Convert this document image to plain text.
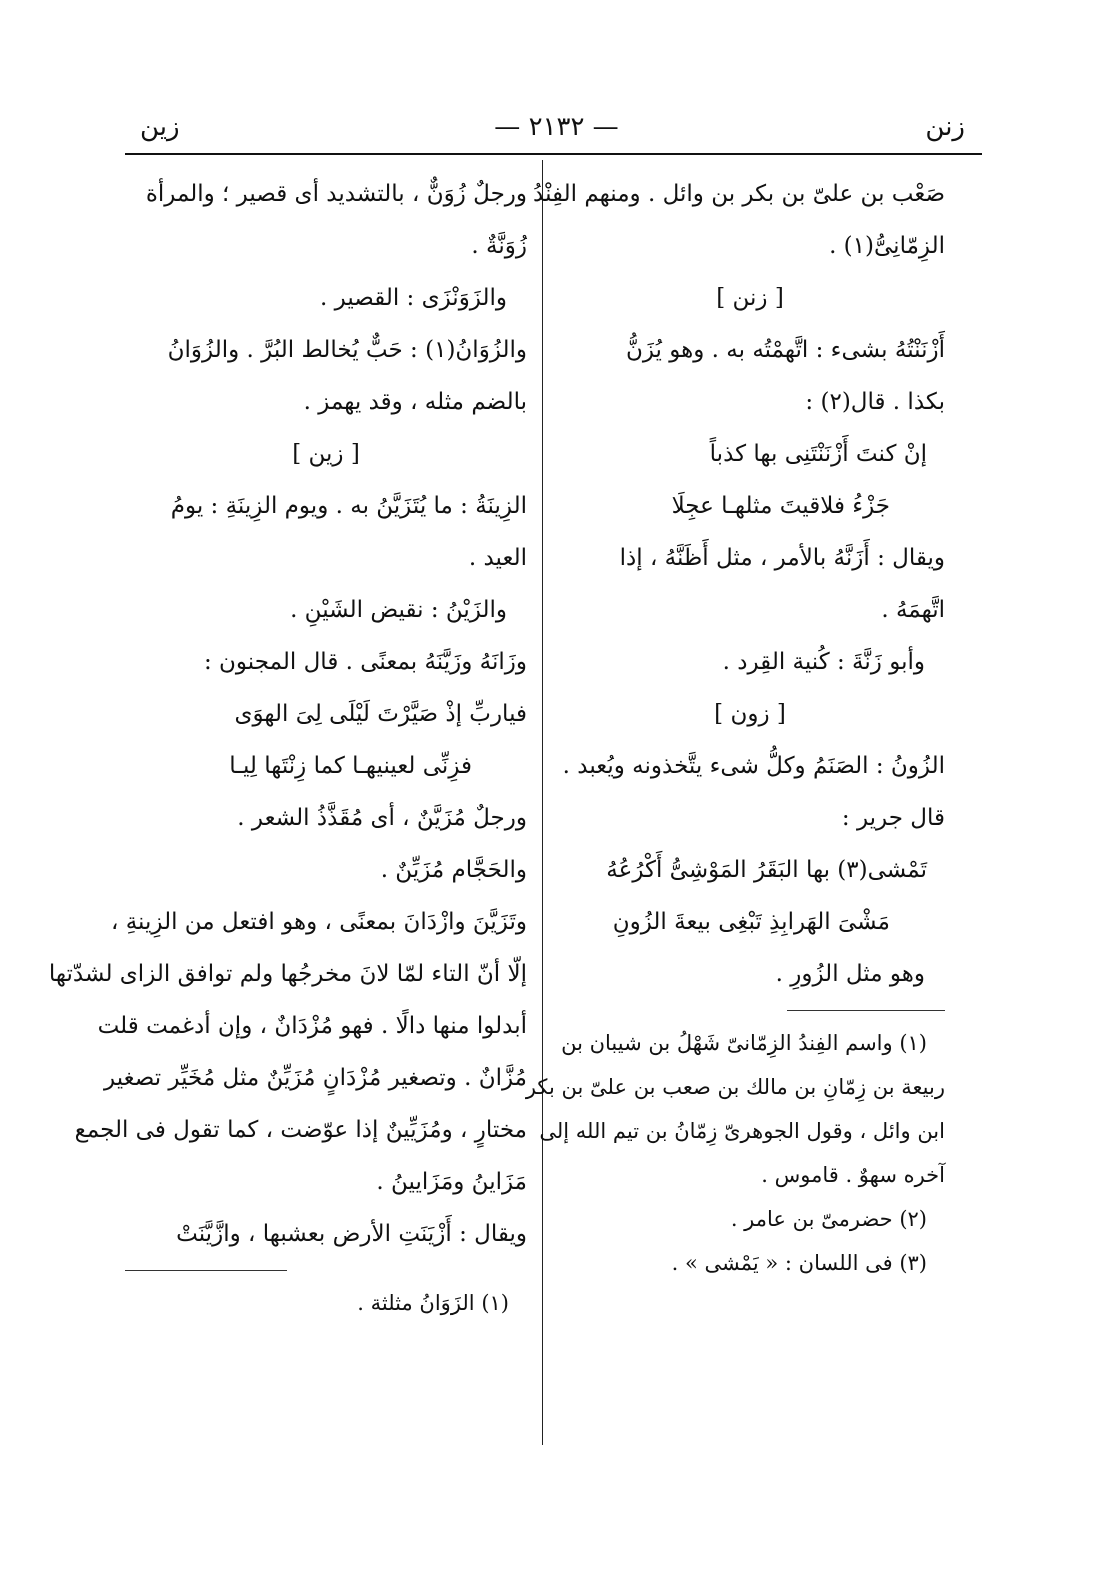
زنن
— ٢١٣٢ —
زين
صَعْب بن علىّ بن بكر بن وائل . ومنهم الفِنْدُ
الزِمّانِىُّ(١) .
[ زنن ]
أَزْنَنْتُهُ بشىء : اتَّهمْتُه به . وهو يُزَنُّ
بكذا . قال(٢) :
إنْ كنتَ أَزْنَنْتَنِى بها كذباً
جَزْءُ فلاقيتَ مثلهـا عجِلَا
ويقال : أَزَنَّهُ بالأمر ، مثل أَظَنَّهُ ، إذا
اتَّهمَهُ .
وأبو زَنَّةَ : كُنية القِرد .
[ زون ]
الزُونُ : الصَنَمُ وكلُّ شىء يتَّخذونه ويُعبد .
قال جرير :
تَمْشى(٣) بها البَقَرُ المَوْشِىُّ أَكْرُعُهُ
مَشْىَ الهَرابِذِ تَبْغِى بيعةَ الزُونِ
وهو مثل الزُورِ .
(١) واسم الفِندُ الزِمّانىّ شَهْلُ بن شيبان بن
ربيعة بن زِمّانِ بن مالك بن صعب بن علىّ بن بكر
ابن وائل ، وقول الجوهرىّ زِمّانُ بن تيم الله إلى
آخره سهوٌ . قاموس .
(٢) حضرمىّ بن عامر .
(٣) فى اللسان : « يَمْشى » .
ورجلٌ زُوَنٌّ ، بالتشديد أى قصير ؛ والمرأة
زُوَنَّةٌ .
والزَوَنْزَى : القصير .
والزُوَانُ(١) : حَبٌّ يُخالط البُرَّ . والزُوَانُ
بالضم مثله ، وقد يهمز .
[ زين ]
الزِينَةُ : ما يُتَزَيَّنُ به . ويوم الزِينَةِ : يومُ
العيد .
والزَيْنُ : نقيض الشَيْنِ .
وزَانَهُ وزَيَّنَهُ بمعنًى . قال المجنون :
فياربِّ إذْ صَيَّرْتَ لَيْلَى لِىَ الهوَى
فزِنِّى لعينيهـا كما زِنْتَها لِيـا
ورجلٌ مُزَيَّنٌ ، أى مُقَذَّذُ الشعر .
والحَجَّام مُزَيِّنٌ .
وتَزَيَّنَ وازْدَانَ بمعنًى ، وهو افتعل من الزِينةِ ،
إلّا أنّ التاء لمّا لانَ مخرجُها ولم توافق الزاى لشدّتها
أبدلوا منها دالًا . فهو مُزْدَانٌ ، وإن أدغمت قلت
مُزَّانٌ . وتصغير مُزْدَانٍ مُزَيِّنٌ مثل مُخَيِّر تصغير
مختارٍ ، ومُزَيِّينٌ إذا عوّضت ، كما تقول فى الجمع
مَزَاينُ ومَزَايينُ .
ويقال : أَزْيَنَتِ الأرض بعشبها ، وازَّيَّنَتْ
(١) الزَوَانُ مثلثة .
